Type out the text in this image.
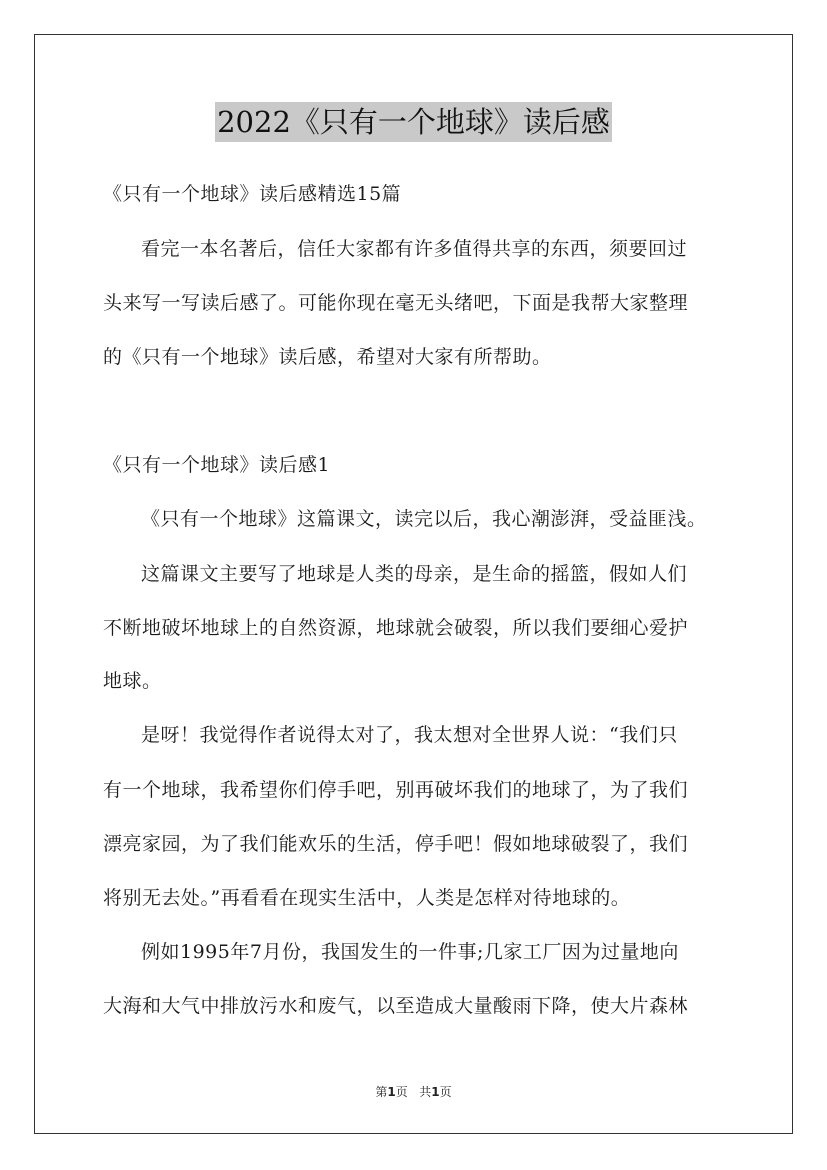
2022《只有一个地球》读后感
《只有一个地球》读后感精选15篇
看完一本名著后，信任大家都有许多值得共享的东西，须要回过
头来写一写读后感了。可能你现在毫无头绪吧，下面是我帮大家整理
的《只有一个地球》读后感，希望对大家有所帮助。
《只有一个地球》读后感1
《只有一个地球》这篇课文，读完以后，我心潮澎湃，受益匪浅。
这篇课文主要写了地球是人类的母亲，是生命的摇篮，假如人们
不断地破坏地球上的自然资源，地球就会破裂，所以我们要细心爱护
地球。
是呀！我觉得作者说得太对了，我太想对全世界人说：“我们只
有一个地球，我希望你们停手吧，别再破坏我们的地球了，为了我们
漂亮家园，为了我们能欢乐的生活，停手吧！假如地球破裂了，我们
将别无去处。”再看看在现实生活中，人类是怎样对待地球的。
例如1995年7月份，我国发生的一件事;几家工厂因为过量地向
大海和大气中排放污水和废气，以至造成大量酸雨下降，使大片森林
第1页 共1页
